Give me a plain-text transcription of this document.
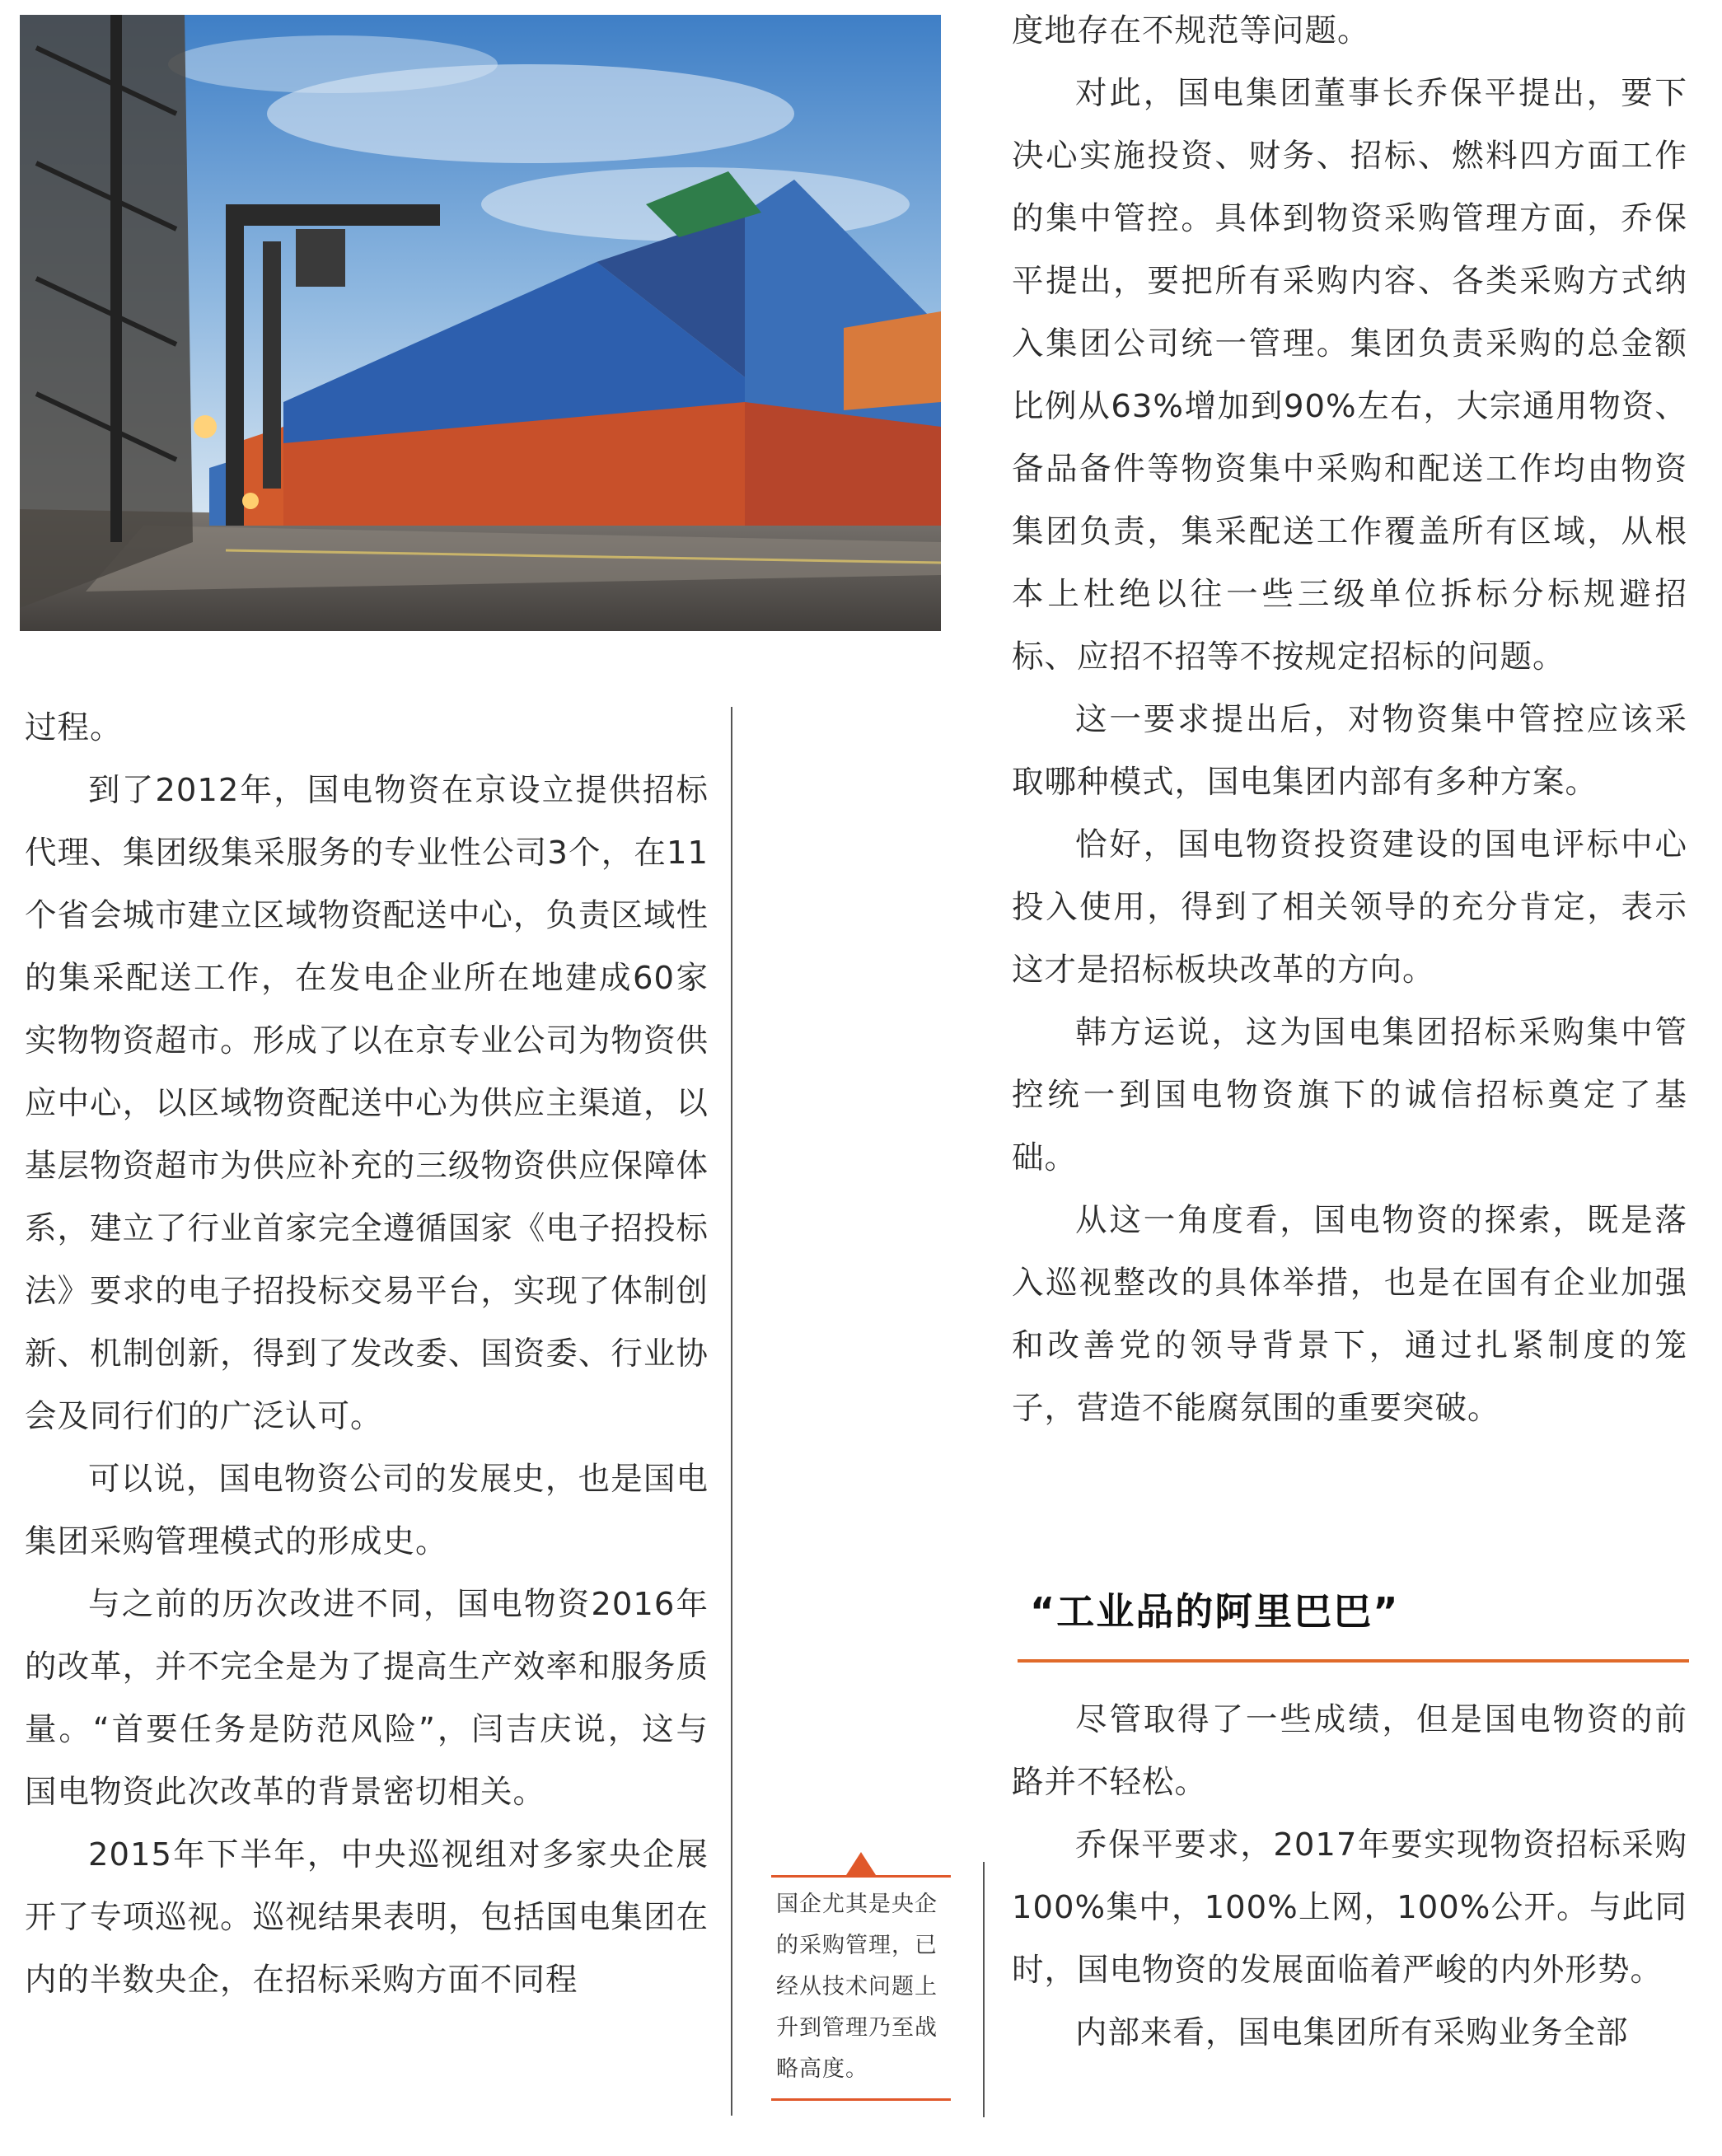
过程。

到了2012年，国电物资在京设立提供招标代理、集团级集采服务的专业性公司3个，在11个省会城市建立区域物资配送中心，负责区域性的集采配送工作，在发电企业所在地建成60家实物物资超市。形成了以在京专业公司为物资供应中心，以区域物资配送中心为供应主渠道，以基层物资超市为供应补充的三级物资供应保障体系，建立了行业首家完全遵循国家《电子招投标法》要求的电子招投标交易平台，实现了体制创新、机制创新，得到了发改委、国资委、行业协会及同行们的广泛认可。

可以说，国电物资公司的发展史，也是国电集团采购管理模式的形成史。

与之前的历次改进不同，国电物资2016年的改革，并不完全是为了提高生产效率和服务质量。“首要任务是防范风险”，闫吉庆说，这与国电物资此次改革的背景密切相关。

2015年下半年，中央巡视组对多家央企展开了专项巡视。巡视结果表明，包括国电集团在内的半数央企，在招标采购方面不同程

国企尤其是央企的采购管理，已经从技术问题上升到管理乃至战略高度。

度地存在不规范等问题。

对此，国电集团董事长乔保平提出，要下决心实施投资、财务、招标、燃料四方面工作的集中管控。具体到物资采购管理方面，乔保平提出，要把所有采购内容、各类采购方式纳入集团公司统一管理。集团负责采购的总金额比例从63%增加到90%左右，大宗通用物资、备品备件等物资集中采购和配送工作均由物资集团负责，集采配送工作覆盖所有区域，从根本上杜绝以往一些三级单位拆标分标规避招标、应招不招等不按规定招标的问题。

这一要求提出后，对物资集中管控应该采取哪种模式，国电集团内部有多种方案。

恰好，国电物资投资建设的国电评标中心投入使用，得到了相关领导的充分肯定，表示这才是招标板块改革的方向。

韩方运说，这为国电集团招标采购集中管控统一到国电物资旗下的诚信招标奠定了基础。

从这一角度看，国电物资的探索，既是落入巡视整改的具体举措，也是在国有企业加强和改善党的领导背景下，通过扎紧制度的笼子，营造不能腐氛围的重要突破。

“工业品的阿里巴巴”

尽管取得了一些成绩，但是国电物资的前路并不轻松。

乔保平要求，2017年要实现物资招标采购100%集中，100%上网，100%公开。与此同时，国电物资的发展面临着严峻的内外形势。

内部来看，国电集团所有采购业务全部
